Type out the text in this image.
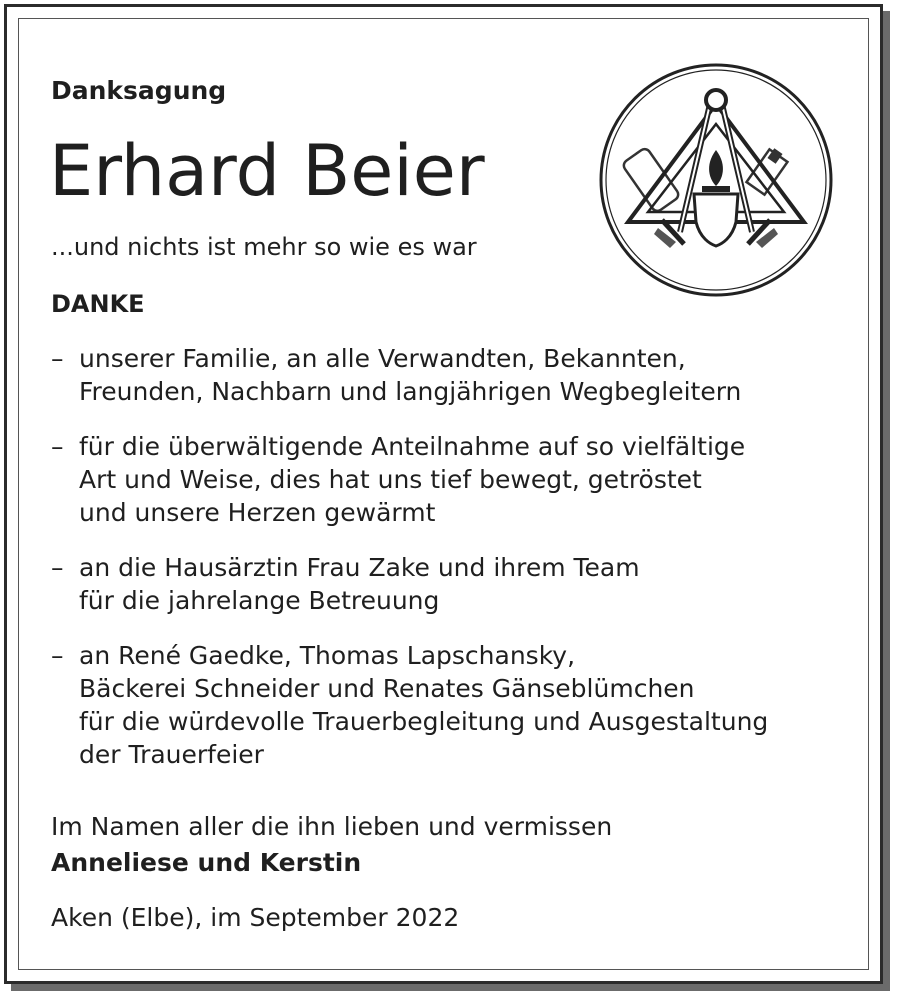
Danksagung
Erhard Beier
...und nichts ist mehr so wie es war
DANKE
– unserer Familie, an alle Verwandten, Bekannten,
Freunden, Nachbarn und langjährigen Wegbegleitern
– für die überwältigende Anteilnahme auf so vielfältige
Art und Weise, dies hat uns tief bewegt, getröstet
und unsere Herzen gewärmt
– an die Hausärztin Frau Zake und ihrem Team
für die jahrelange Betreuung
– an René Gaedke, Thomas Lapschansky,
Bäckerei Schneider und Renates Gänseblümchen
für die würdevolle Trauerbegleitung und Ausgestaltung
der Trauerfeier
Im Namen aller die ihn lieben und vermissen
Anneliese und Kerstin
Aken (Elbe), im September 2022
